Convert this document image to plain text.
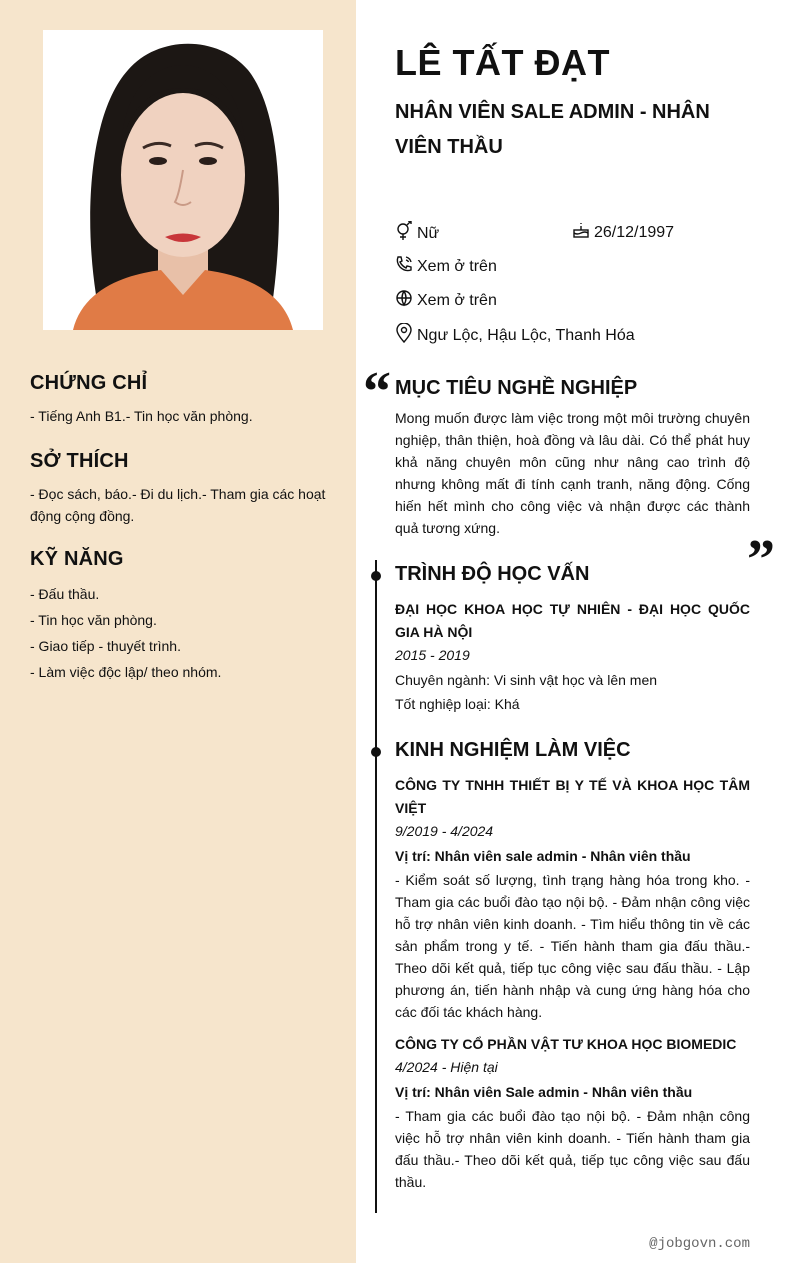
CHỨNG CHỈ
- Tiếng Anh B1.- Tin học văn phòng.
SỞ THÍCH
- Đọc sách, báo.- Đi du lịch.- Tham gia các hoạt động cộng đồng.
KỸ NĂNG
- Đấu thầu.
- Tin học văn phòng.
- Giao tiếp - thuyết trình.
- Làm việc độc lập/ theo nhóm.
LÊ TẤT ĐẠT
NHÂN VIÊN SALE ADMIN - NHÂN VIÊN THẦU
Nữ	26/12/1997
Xem ở trên
Xem ở trên
Ngư Lộc, Hậu Lộc, Thanh Hóa
“ MỤC TIÊU NGHỀ NGHIỆP
Mong muốn được làm việc trong một môi trường chuyên nghiệp, thân thiện, hoà đồng và lâu dài. Có thể phát huy khả năng chuyên môn cũng như nâng cao trình độ nhưng không mất đi tính cạnh tranh, năng động. Cống hiến hết mình cho công việc và nhận được các thành quả tương xứng.
”
TRÌNH ĐỘ HỌC VẤN
ĐẠI HỌC KHOA HỌC TỰ NHIÊN - ĐẠI HỌC QUỐC GIA HÀ NỘI
2015 - 2019
Chuyên ngành: Vi sinh vật học và lên men
Tốt nghiệp loại: Khá
KINH NGHIỆM LÀM VIỆC
CÔNG TY TNHH THIẾT BỊ Y TẾ VÀ KHOA HỌC TÂM VIỆT
9/2019 - 4/2024
Vị trí: Nhân viên sale admin - Nhân viên thầu
- Kiểm soát số lượng, tình trạng hàng hóa trong kho. - Tham gia các buổi đào tạo nội bộ. - Đảm nhận công việc hỗ trợ nhân viên kinh doanh. - Tìm hiểu thông tin về các sản phẩm trong y tế. - Tiến hành tham gia đấu thầu.- Theo dõi kết quả, tiếp tục công việc sau đấu thầu. - Lập phương án, tiến hành nhập và cung ứng hàng hóa cho các đối tác khách hàng.
CÔNG TY CỔ PHẦN VẬT TƯ KHOA HỌC BIOMEDIC
4/2024 - Hiện tại
Vị trí: Nhân viên Sale admin - Nhân viên thầu
- Tham gia các buổi đào tạo nội bộ. - Đảm nhận công việc hỗ trợ nhân viên kinh doanh. - Tiến hành tham gia đấu thầu.- Theo dõi kết quả, tiếp tục công việc sau đấu thầu.
@jobgovn.com
